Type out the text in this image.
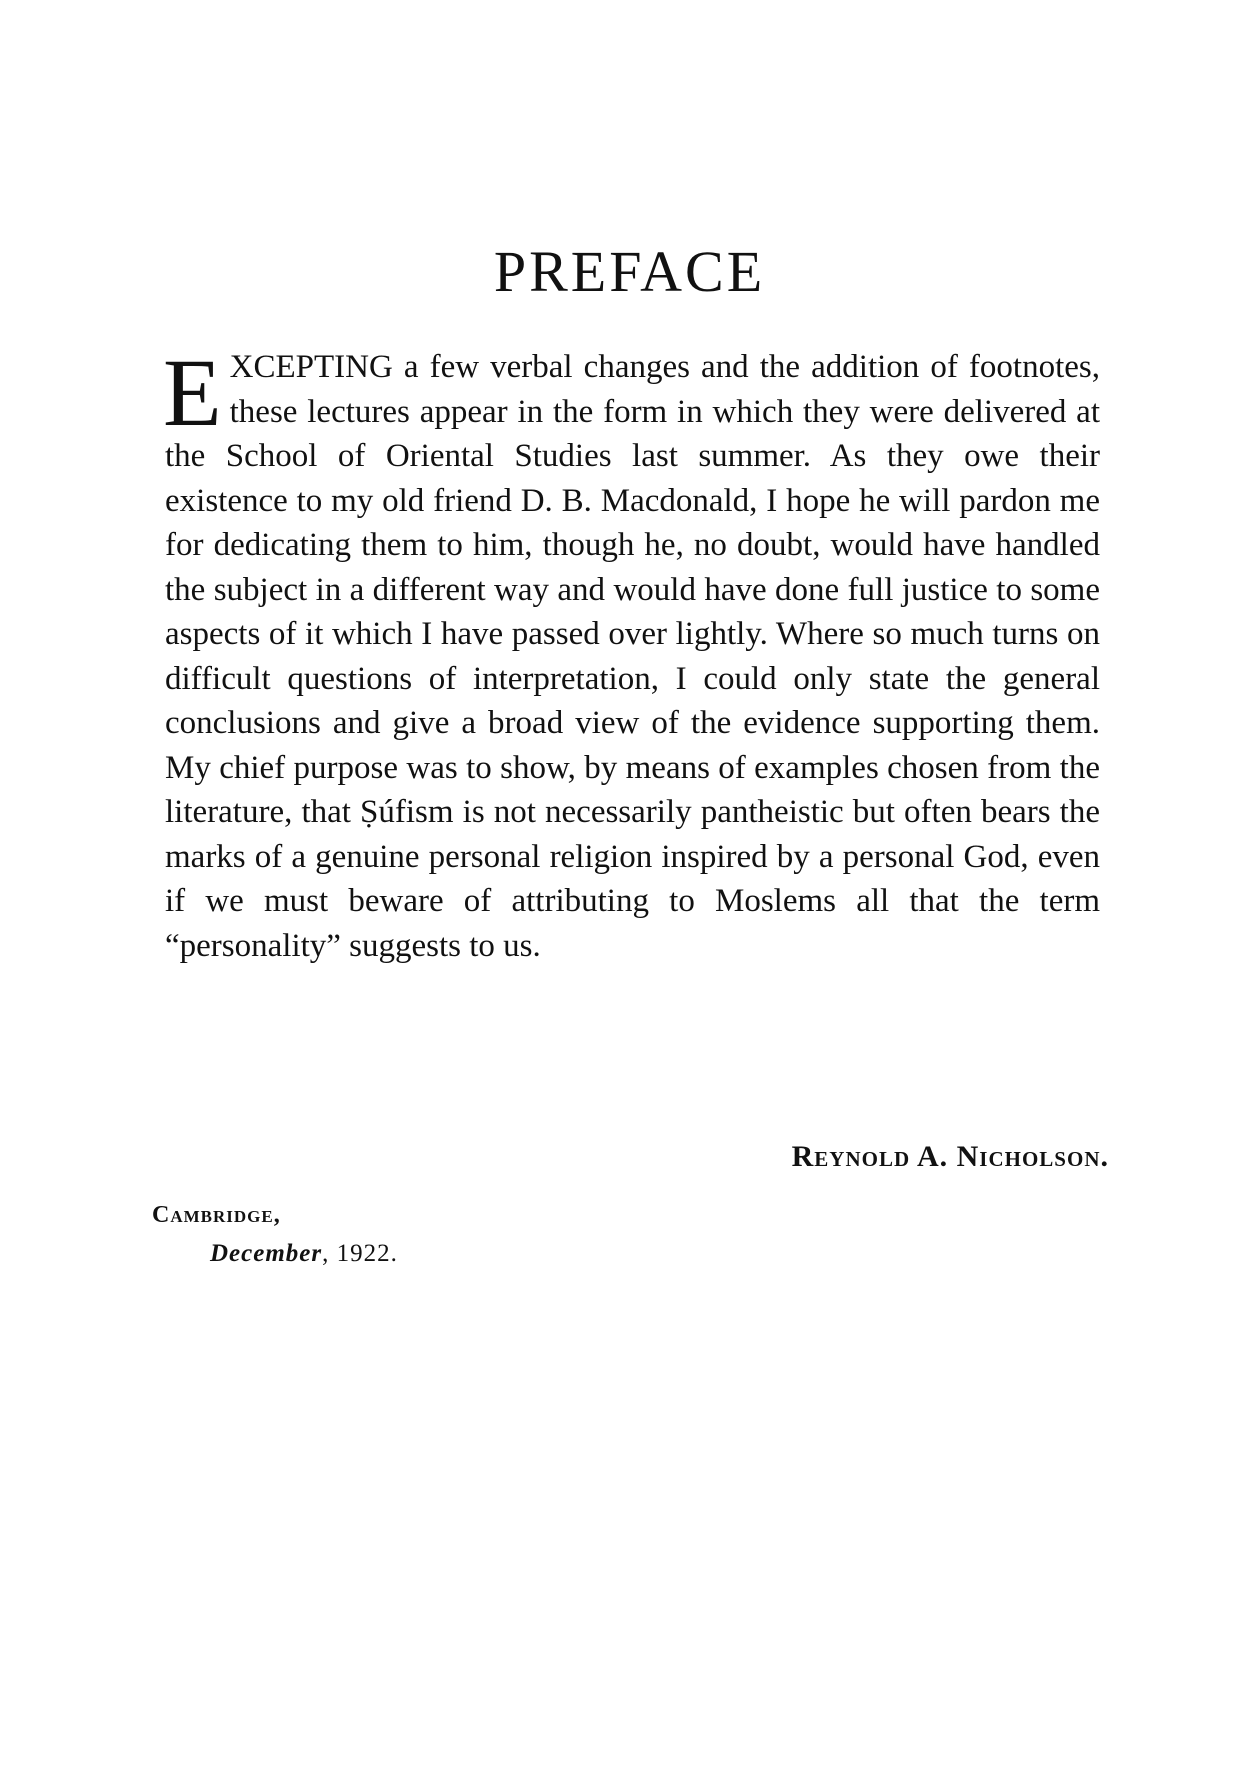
PREFACE

EXCEPTING a few verbal changes and the addition of footnotes, these lectures appear in the form in which they were delivered at the School of Oriental Studies last summer. As they owe their existence to my old friend D. B. Macdonald, I hope he will pardon me for dedicating them to him, though he, no doubt, would have handled the subject in a different way and would have done full justice to some aspects of it which I have passed over lightly. Where so much turns on difficult questions of interpretation, I could only state the general conclusions and give a broad view of the evidence supporting them. My chief purpose was to show, by means of examples chosen from the literature, that Ṣúfism is not necessarily pantheistic but often bears the marks of a genuine personal religion inspired by a personal God, even if we must beware of attributing to Moslems all that the term “personality” suggests to us.

Reynold A. Nicholson.
Cambridge,
December, 1922.
